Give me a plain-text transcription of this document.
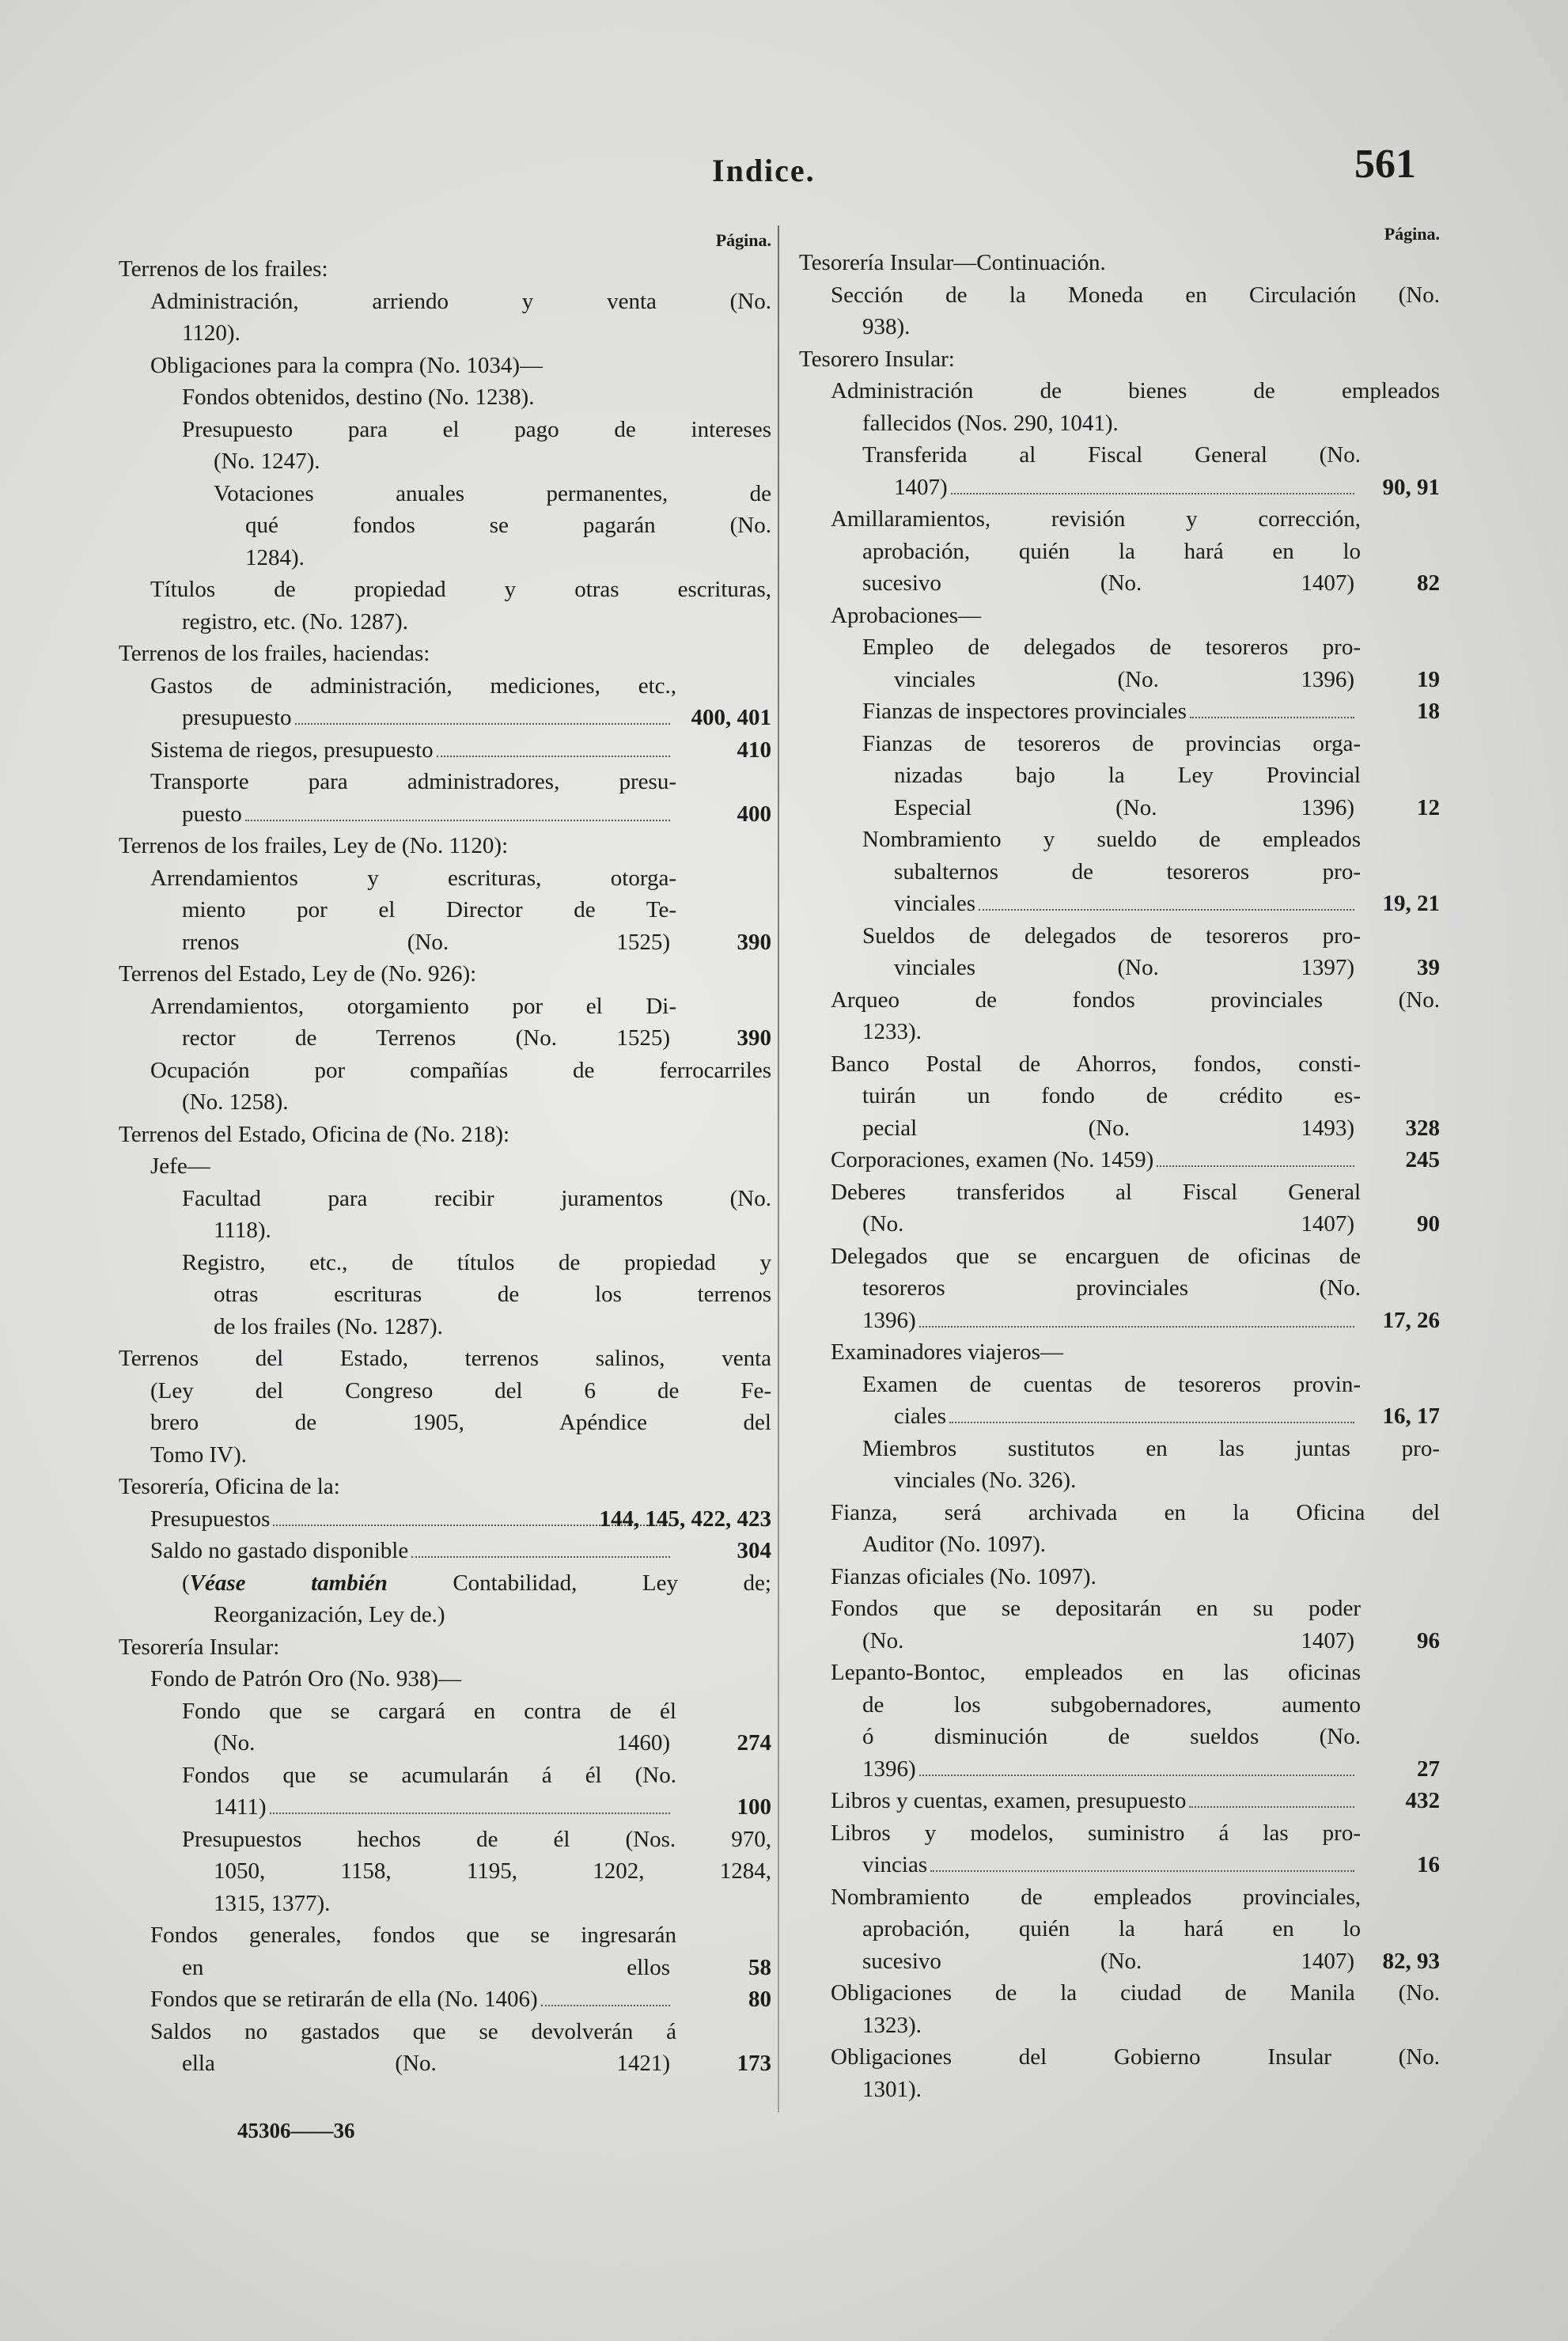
Indice.	561
Página.
Terrenos de los frailes:
Administración, arriendo y venta (No.
1120).
Obligaciones para la compra (No. 1034)—
Fondos obtenidos, destino (No. 1238).
Presupuesto para el pago de intereses
(No. 1247).
Votaciones anuales permanentes, de
qué fondos se pagarán (No.
1284).
Títulos de propiedad y otras escrituras,
registro, etc. (No. 1287).
Terrenos de los frailes, haciendas:
Gastos de administración, mediciones, etc.,
presupuesto	400, 401
Sistema de riegos, presupuesto	410
Transporte para administradores, presu-
puesto	400
Terrenos de los frailes, Ley de (No. 1120):
Arrendamientos y escrituras, otorga-
miento por el Director de Te-
rrenos (No. 1525)	390
Terrenos del Estado, Ley de (No. 926):
Arrendamientos, otorgamiento por el Di-
rector de Terrenos (No. 1525)	390
Ocupación por compañías de ferrocarriles
(No. 1258).
Terrenos del Estado, Oficina de (No. 218):
Jefe—
Facultad para recibir juramentos (No.
1118).
Registro, etc., de títulos de propiedad y
otras escrituras de los terrenos
de los frailes (No. 1287).
Terrenos del Estado, terrenos salinos, venta
(Ley del Congreso del 6 de Fe-
brero de 1905, Apéndice del
Tomo IV).
Tesorería, Oficina de la:
Presupuestos	144, 145, 422, 423
Saldo no gastado disponible	304
(Véase también Contabilidad, Ley de;
Reorganización, Ley de.)
Tesorería Insular:
Fondo de Patrón Oro (No. 938)—
Fondo que se cargará en contra de él
(No. 1460)	274
Fondos que se acumularán á él (No.
1411)	100
Presupuestos hechos de él (Nos. 970,
1050, 1158, 1195, 1202, 1284,
1315, 1377).
Fondos generales, fondos que se ingresarán
en ellos	58
Fondos que se retirarán de ella (No. 1406)	80
Saldos no gastados que se devolverán á
ella (No. 1421)	173
Página.
Tesorería Insular—Continuación.
Sección de la Moneda en Circulación (No.
938).
Tesorero Insular:
Administración de bienes de empleados
fallecidos (Nos. 290, 1041).
Transferida al Fiscal General (No.
1407)	90, 91
Amillaramientos, revisión y corrección,
aprobación, quién la hará en lo
sucesivo (No. 1407)	82
Aprobaciones—
Empleo de delegados de tesoreros pro-
vinciales (No. 1396)	19
Fianzas de inspectores provinciales	18
Fianzas de tesoreros de provincias orga-
nizadas bajo la Ley Provincial
Especial (No. 1396)	12
Nombramiento y sueldo de empleados
subalternos de tesoreros pro-
vinciales	19, 21
Sueldos de delegados de tesoreros pro-
vinciales (No. 1397)	39
Arqueo de fondos provinciales (No.
1233).
Banco Postal de Ahorros, fondos, consti-
tuirán un fondo de crédito es-
pecial (No. 1493)	328
Corporaciones, examen (No. 1459)	245
Deberes transferidos al Fiscal General
(No. 1407)	90
Delegados que se encarguen de oficinas de
tesoreros provinciales (No.
1396)	17, 26
Examinadores viajeros—
Examen de cuentas de tesoreros provin-
ciales	16, 17
Miembros sustitutos en las juntas pro-
vinciales (No. 326).
Fianza, será archivada en la Oficina del
Auditor (No. 1097).
Fianzas oficiales (No. 1097).
Fondos que se depositarán en su poder
(No. 1407)	96
Lepanto-Bontoc, empleados en las oficinas
de los subgobernadores, aumento
ó disminución de sueldos (No.
1396)	27
Libros y cuentas, examen, presupuesto	432
Libros y modelos, suministro á las pro-
vincias	16
Nombramiento de empleados provinciales,
aprobación, quién la hará en lo
sucesivo (No. 1407)	82, 93
Obligaciones de la ciudad de Manila (No.
1323).
Obligaciones del Gobierno Insular (No.
1301).
45306——36
